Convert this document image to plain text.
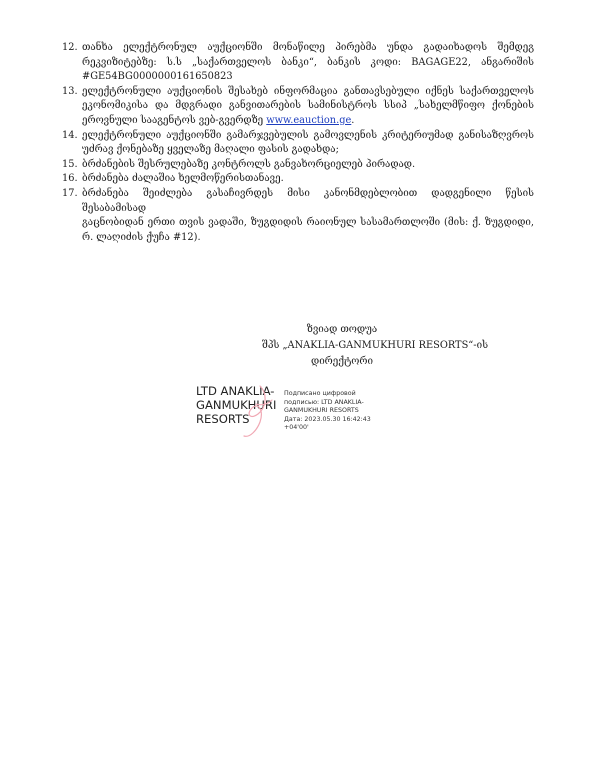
12. თანხა ელექტრონულ აუქციონში მონაწილე პირებმა უნდა გადაიხადოს შემდეგ
რეკვიზიტებზე: ს.ს „საქართველოს ბანკი“, ბანკის კოდი: BAGAGE22, ანგარიშის
#GE54BG0000000161650823
13. ელექტრონული აუქციონის შესახებ ინფორმაცია განთავსებული იქნეს საქართველოს
ეკონომიკისა და მდგრადი განვითარების სამინისტროს სსიპ „სახელმწიფო ქონების
ეროვნული სააგენტოს ვებ-გვერდზე www.eauction.ge.
14. ელექტრონული აუქციონში გამარჯვებულის გამოვლენის კრიტერიუმად განისაზღვროს
უძრავ ქონებაზე ყველაზე მაღალი ფასის გადახდა;
15. ბრძანების შესრულებაზე კონტროლს განვახორციელებ პირადად.
16. ბრძანება ძალაშია ხელმოწერისთანავე.
17. ბრძანება შეიძლება გასაჩივრდეს მისი კანონმდებლობით დადგენილი წესის შესაბამისად
გაცნობიდან ერთი თვის ვადაში, ზუგდიდის რაიონულ სასამართლოში (მის: ქ. ზუგდიდი,
რ. ლაღიძის ქუჩა #12).
ზვიად თოდუა
შპს „ANAKLIA-GANMUKHURI RESORTS“-ის
დირექტორი
LTD ANAKLIA-
GANMUKHURI
RESORTS
Подписано цифровой
подписью: LTD ANAKLIA-
GANMUKHURI RESORTS
Дата: 2023.05.30 16:42:43
+04'00'
